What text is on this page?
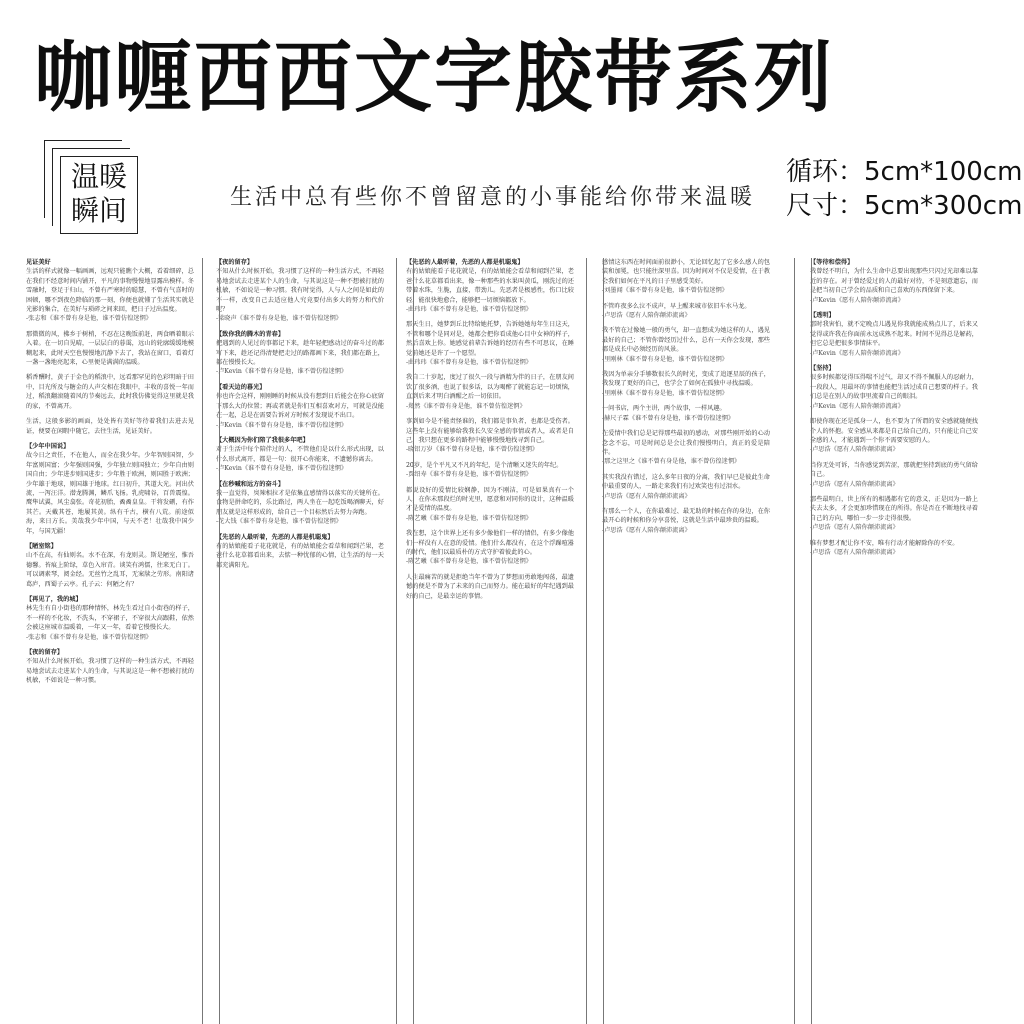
咖喱西西文字胶带系列
温暖
瞬间	生活中总有些你不曾留意的小事能给你带来温暖
循环：5cm*100cm
尺寸：5cm*300cm
见证美好
生活的样式就像一幅画画，远观只能瞧个大概，看着细碎，总在我们不经意时间内铺开，平凡的事物慢慢地显露出模样。冬雪融时，登足于归山，不曾有严寒时的聪慧，不曾有气喜时的困顿，哪不到夜色降临的那一刻，你便也就懂了生活其实就是光影的集合，在美好与琐碎之间来回，把日子过出温度。
-张志和《谁不曾有身是他，谁不曾仿徨迷惘》
那微微的风，拂乡于树梢，不忍在这晚饭前赶，两食晒着眼示入着。在一切自见晴，一层层白的暮霭，远山的轮廓缓缓地模糊起来，此时天空也慢慢地沉静下去了，我站在窗口，看着灯一盏一盏地亮起来，心里便是满满的温暖。
稻香酬时，黄子于金色的稻浪中，远看那罕见的色彩明暗于田中，目光所及与糖金的人声交相在我眼中，丰收的喜悦一年而过，稻浪翻滚随着风的节奏远去，此时我仿佛觉得这里就是我的家，不曾离开。
生活，这般多影的画面，处处皆有美好等待着我们去进去见证，便要在闲暇中随它，去往生活，见证美好。
【少年中国说】
故今日之责任，不在他人，而全在我少年。少年智则国智，少年富则国富；少年强则国强，少年独立则国独立；少年自由则国自由；少年进步则国进步；少年胜于欧洲，则国胜于欧洲；少年雄于地球，则国雄于地球。红日初升，其道大光。河出伏流，一泻汪洋。潜龙腾渊，鳞爪飞扬。乳虎啸谷，百兽震惶。鹰隼试翼，风尘翕张。奇花初胎，矞矞皇皇。干将发硎，有作其芒。天戴其苍，地履其黄。纵有千古，横有八荒。前途似海，来日方长。美哉我少年中国，与天不老！壮哉我中国少年，与国无疆！
【陋室铭】
山不在高，有仙则名。水不在深，有龙则灵。斯是陋室，惟吾德馨。苔痕上阶绿，草色入帘青。谈笑有鸿儒，往来无白丁。可以调素琴，阅金经。无丝竹之乱耳，无案牍之劳形。南阳诸葛庐，西蜀子云亭。孔子云：何陋之有？
【再见了，我的城】
林先生有自小街巷的那种情怀，林先生看过自小街巷的样子，不一样的不化妆，不洗头，不穿裙子，不穿很大高跟鞋，依然会被这座城市温暖着，一年又一年，看着它慢慢长大。
-张志和《谁不曾有身是他，谁不曾仿徨迷惘》
【夜的留存】
不知从什么时候开始，我习惯了这样的一种生活方式，不再轻易地尝试去走进某个人的生命，与其说这是一种不想被打扰的机敏，不如说是一种习惯。
【夜的留存】
不知从什么时候开始，我习惯了这样的一种生活方式，不再轻易地尝试去走进某个人的生命，与其说这是一种不想被打扰的机敏，不如说是一种习惯。我有时觉得，人与人之间是如此的不一样，改变自己去适应他人究竟要付出多大的努力和代价呢？
-梁晓声《谁不曾有身是他，谁不曾仿徨迷惘》
【致你我的腾木的青春】
把遇到的人见过的事都记下来，趁年轻把感动过的奋斗过的都写下来，趁还记得清楚把走过的路都画下来，我们都在路上，都在慢慢长大。
-卢Kevin《谁不曾有身是他，谁不曾仿徨迷惘》
【看天边的暮光】
你也许会这样，刚刚睡的时候从没有想到日后能会在你心底留下那么大的位置；再或者就是你们互相喜欢对方，可就是没能在一起，总是在需要告诉对方时候才发现说不出口。
-卢Kevin《谁不曾有身是他，谁不曾仿徨迷惘》
【大概因为你们陪了我很多年吧】
对于生活中每个陪伴过的人，不管他们是以什么形式出现，以什么形式离开，都是一句：很开心你能来，不遗憾你离去。
-卢Kevin《谁不曾有身是他，谁不曾仿徨迷惘》
【在秒喊和远方的奋斗】
我一直觉得，臭辣相拉才是依集直感情得以落实的关键所在。食物是拼命吃的，乐比路过，两人坐在一起吃饭喝酒聊天，好朋友就是这样形成的，给自己一个目标然后去努力奔跑。
-花大钱《谁不曾有身是他，谁不曾仿徨迷惘》
【先恶的人最听着，先恶的人都是机聪鬼】
有的姑娘能看子花花就是，有的姑娘能会看草和闻到芒果，老爸什么花草都看出来，去惦一种忧郁的心情，让生活的每一天都充满阳光。
【先恶的人最听着，先恶的人都是机聪鬼】
有的姑娘能看子花花就是，有的姑娘能会看草和闻到芒果，老爸什么花草都看出来，像一种那些的水果叫黄瓜，刚洗过的还带着水珠，生脆，直接，带劲儿。先恶者是极感性，伤口比较轻，能很快地愈合，能够把一切烦恼都放下。
-曲玮玮《谁不曾有身是他，谁不曾仿徨迷惘》
那天生日，她梦到丘比特给她托梦，告诉她她每年生日这天，不管和哪个是同对是，她都会把你看成他心目中女神的样子，然后喜欢上你。她感觉前辈告诉她的经历有些不可思议，在睡觉前她还是许了一个愿望。
-曲玮玮《谁不曾有身是他，谁不曾仿徨迷惘》
我自二十岁起，度过了很久一段与酒精为伴的日子，在朋友间饮了很多酒，也说了很多话，以为喝醉了就能忘记一切烦恼，直到后来才明白酒醒之后一切依旧。
-郑然《谁不曾有身是他，谁不曾仿徨迷惘》
事到如今是不能责怪谁的，我们都是事负者，也都是受伤者。这些年上没有能够给我我长久安全感的事情或者人，或者是自己，我只想在更多的路程中能够慢慢地找寻到自己。
-晓铝万岁《谁不曾有身是他，谁不曾仿徨迷惘》
20岁，是个平凡又不凡的年纪，是个清晰又迷失的年纪。
-贾绍寿《谁不曾有身是他，谁不曾仿徨迷惘》
都说设好的爱情比较娴静，因为不刚洁，可是如果真有一个人，在你未那段烂的时光里，愿意和对同你的设计，这种温暖才是爱情的温度。
-陈艺曦《谁不曾有身是他，谁不曾仿徨迷惘》
我在想，这个世界上还有多少像他们一样的情侣，有多少像他们一样没有人在意的爱情。他们什么都没有，在这个浮躁喧嚣的时代，他们以最质朴的方式守护着彼此的心。
-陈艺曦《谁不曾有身是他，谁不曾仿徨迷惘》
人生最痛苦的就是拒绝当年不曾为了梦想而勇敢地闯荡，最遗憾的便是不曾为了未来的自己而努力。能在最好的年纪遇到最好的自己，是最幸运的事情。
感情这东西在时间面前很渺小，无论回忆起了它多么感人的包装和加冕，也只能往深里喜。因为时间对不仅是爱情，在于教会我们如何在平凡的日子里感受美好。
-刘墨闻《谁不曾有身是他，谁不曾仿徨迷惘》
不管昨夜多么泣不成声，早上醒来城市依旧车水马龙。
-卢思浩《愿有人陪你颠沛流离》
我不管在过像她一般的勇气，却一直想成为她这样的人，遇见最好的自己；不管你曾经历过什么，总有一天你会发现，那些都是成长中必须经历的风景。
-里刚林《谁不曾有身是他，谁不曾仿徨迷惘》
我因为单亲分手够数很长久的时光，变成了追逐星辰的孩子，我发现了更好的自己，也学会了如何在孤独中寻找温暖。
-里刚林《谁不曾有身是他，谁不曾仿徨迷惘》
一问书店，两个主讲，两个故事，一样风趣。
-赫尺子霖《谁不曾有身是他，谁不曾仿徨迷惘》
在爱情中我们总是记得那些最初的感动，对那些刚开始的心动念念不忘，可是时间总是会让我们慢慢明白，真正的爱是陪伴。
-那之这里之《谁不曾有身是他，谁不曾仿徨迷惘》
其实我没有错过，这么多年日夜的分离，我们早已是彼此生命中最重要的人，一路走来我们有过欢笑也有过泪水。
-卢思浩《愿有人陪你颠沛流离》
有那么一个人，在你最难过、最无助的时候在你的身边，在你最开心的时候和你分享喜悦，这就是生活中最珍贵的温暖。
-卢思浩《愿有人陪你颠沛流离》
【等待和偿得】
我曾经不明白，为什么生命中总要出现那些只闪过光却难以靠近的存在。对于曾经爱过的人的最好对待，不是刻意遗忘，而是把当初自己学会的品质和自己喜欢的东西保留下来。
-卢Kevin《愿有人陪你颠沛流离》
【透明】
那时我害怕，就不定晚点儿遇见你我就能成熟点儿了，后来又觉得或许我在你面前永远成熟不起来。时间不见得总是解药，但它总是把很多事情抹平。
-卢Kevin《愿有人陪你颠沛流离》
【坚持】
很多时候都觉得压得喘不过气，却又不得不佩服人的忍耐力，一段段人，用最坏的事情也能把生活过成自己想要的样子。我们总是在别人的故事里流着自己的眼泪。
-卢Kevin《愿有人陪你颠沛流离》
即使你现在还是孤身一人，也不要为了所谓的安全感就随便找个人的怀抱。安全感从来都是自己给自己的，只有能让自己安全感的人，才能遇到一个你不需要安慰的人。
-卢思浩《愿有人陪你颠沛流离》
当你无处可诉，当你感觉到苦涩，那就把坚持到底的勇气留给自己。
-卢思浩《愿有人陪你颠沛流离》
那些最明白，世上所有的相遇都有它的意义，正是因为一路上失去太多，才会更加珍惜现在的所得。你是否在不断地找寻着自己的方向，哪怕一步一步走得很慢。
-卢思浩《愿有人陪你颠沛流离》
唯有梦想才配让你不安，唯有行动才能解除你的不安。
-卢思浩《愿有人陪你颠沛流离》
